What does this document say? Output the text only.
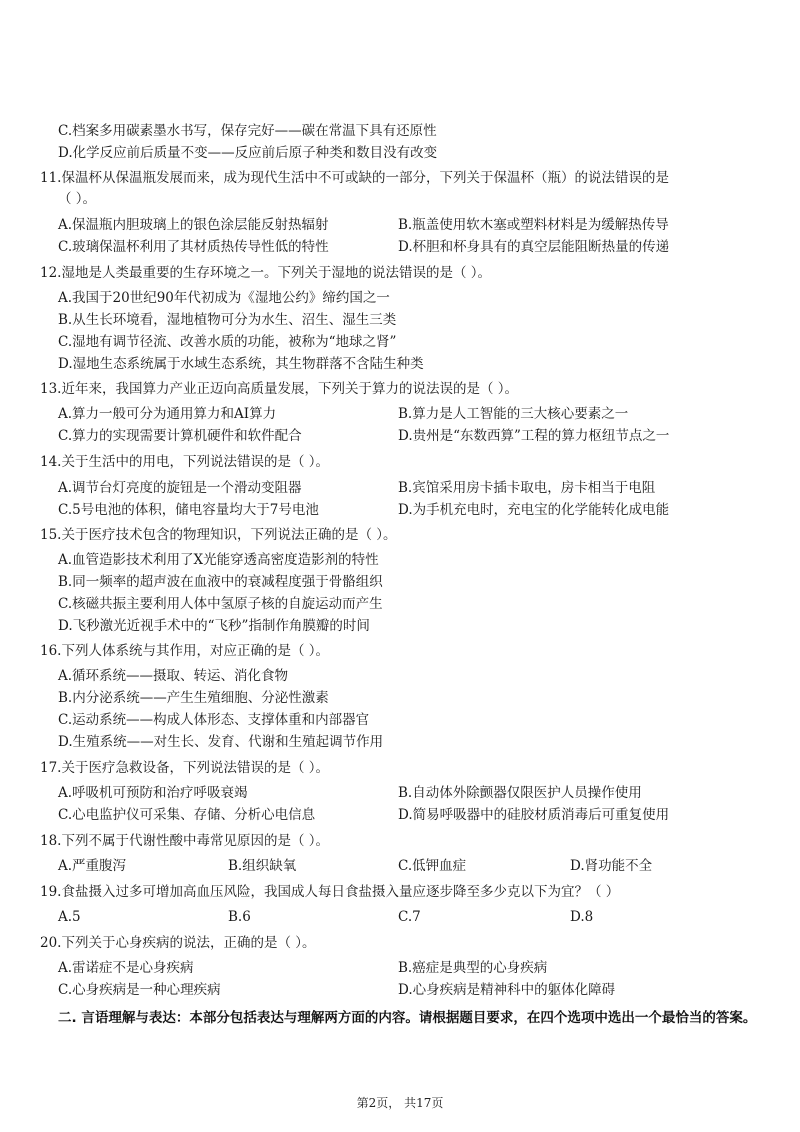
C.档案多用碳素墨水书写，保存完好——碳在常温下具有还原性
D.化学反应前后质量不变——反应前后原子种类和数目没有改变
11.保温杯从保温瓶发展而来，成为现代生活中不可或缺的一部分，下列关于保温杯（瓶）的说法错误的是
（ ）。
A.保温瓶内胆玻璃上的银色涂层能反射热辐射	B.瓶盖使用软木塞或塑料材料是为缓解热传导
C.玻璃保温杯利用了其材质热传导性低的特性	D.杯胆和杯身具有的真空层能阻断热量的传递
12.湿地是人类最重要的生存环境之一。下列关于湿地的说法错误的是（ ）。
A.我国于20世纪90年代初成为《湿地公约》缔约国之一
B.从生长环境看，湿地植物可分为水生、沼生、湿生三类
C.湿地有调节径流、改善水质的功能，被称为“地球之肾”
D.湿地生态系统属于水域生态系统，其生物群落不含陆生种类
13.近年来，我国算力产业正迈向高质量发展，下列关于算力的说法误的是（ ）。
A.算力一般可分为通用算力和AI算力	B.算力是人工智能的三大核心要素之一
C.算力的实现需要计算机硬件和软件配合	D.贵州是“东数西算”工程的算力枢纽节点之一
14.关于生活中的用电，下列说法错误的是（ ）。
A.调节台灯亮度的旋钮是一个滑动变阻器	B.宾馆采用房卡插卡取电，房卡相当于电阻
C.5号电池的体积，储电容量均大于7号电池	D.为手机充电时，充电宝的化学能转化成电能
15.关于医疗技术包含的物理知识，下列说法正确的是（ ）。
A.血管造影技术利用了X光能穿透高密度造影剂的特性
B.同一频率的超声波在血液中的衰减程度强于骨骼组织
C.核磁共振主要利用人体中氢原子核的自旋运动而产生
D.飞秒激光近视手术中的“飞秒”指制作角膜瓣的时间
16.下列人体系统与其作用，对应正确的是（ ）。
A.循环系统——摄取、转运、消化食物
B.内分泌系统——产生生殖细胞、分泌性激素
C.运动系统——构成人体形态、支撑体重和内部器官
D.生殖系统——对生长、发育、代谢和生殖起调节作用
17.关于医疗急救设备，下列说法错误的是（ ）。
A.呼吸机可预防和治疗呼吸衰竭	B.自动体外除颤器仅限医护人员操作使用
C.心电监护仪可采集、存储、分析心电信息	D.简易呼吸器中的硅胶材质消毒后可重复使用
18.下列不属于代谢性酸中毒常见原因的是（ ）。
A.严重腹泻	B.组织缺氧	C.低钾血症	D.肾功能不全
19.食盐摄入过多可增加高血压风险，我国成人每日食盐摄入量应逐步降至多少克以下为宜？（ ）
A.5	B.6	C.7	D.8
20.下列关于心身疾病的说法，正确的是（ ）。
A.雷诺症不是心身疾病	B.癌症是典型的心身疾病
C.心身疾病是一种心理疾病	D.心身疾病是精神科中的躯体化障碍
二. 言语理解与表达：本部分包括表达与理解两方面的内容。请根据题目要求，在四个选项中选出一个最恰当的答案。
第2页， 共17页
